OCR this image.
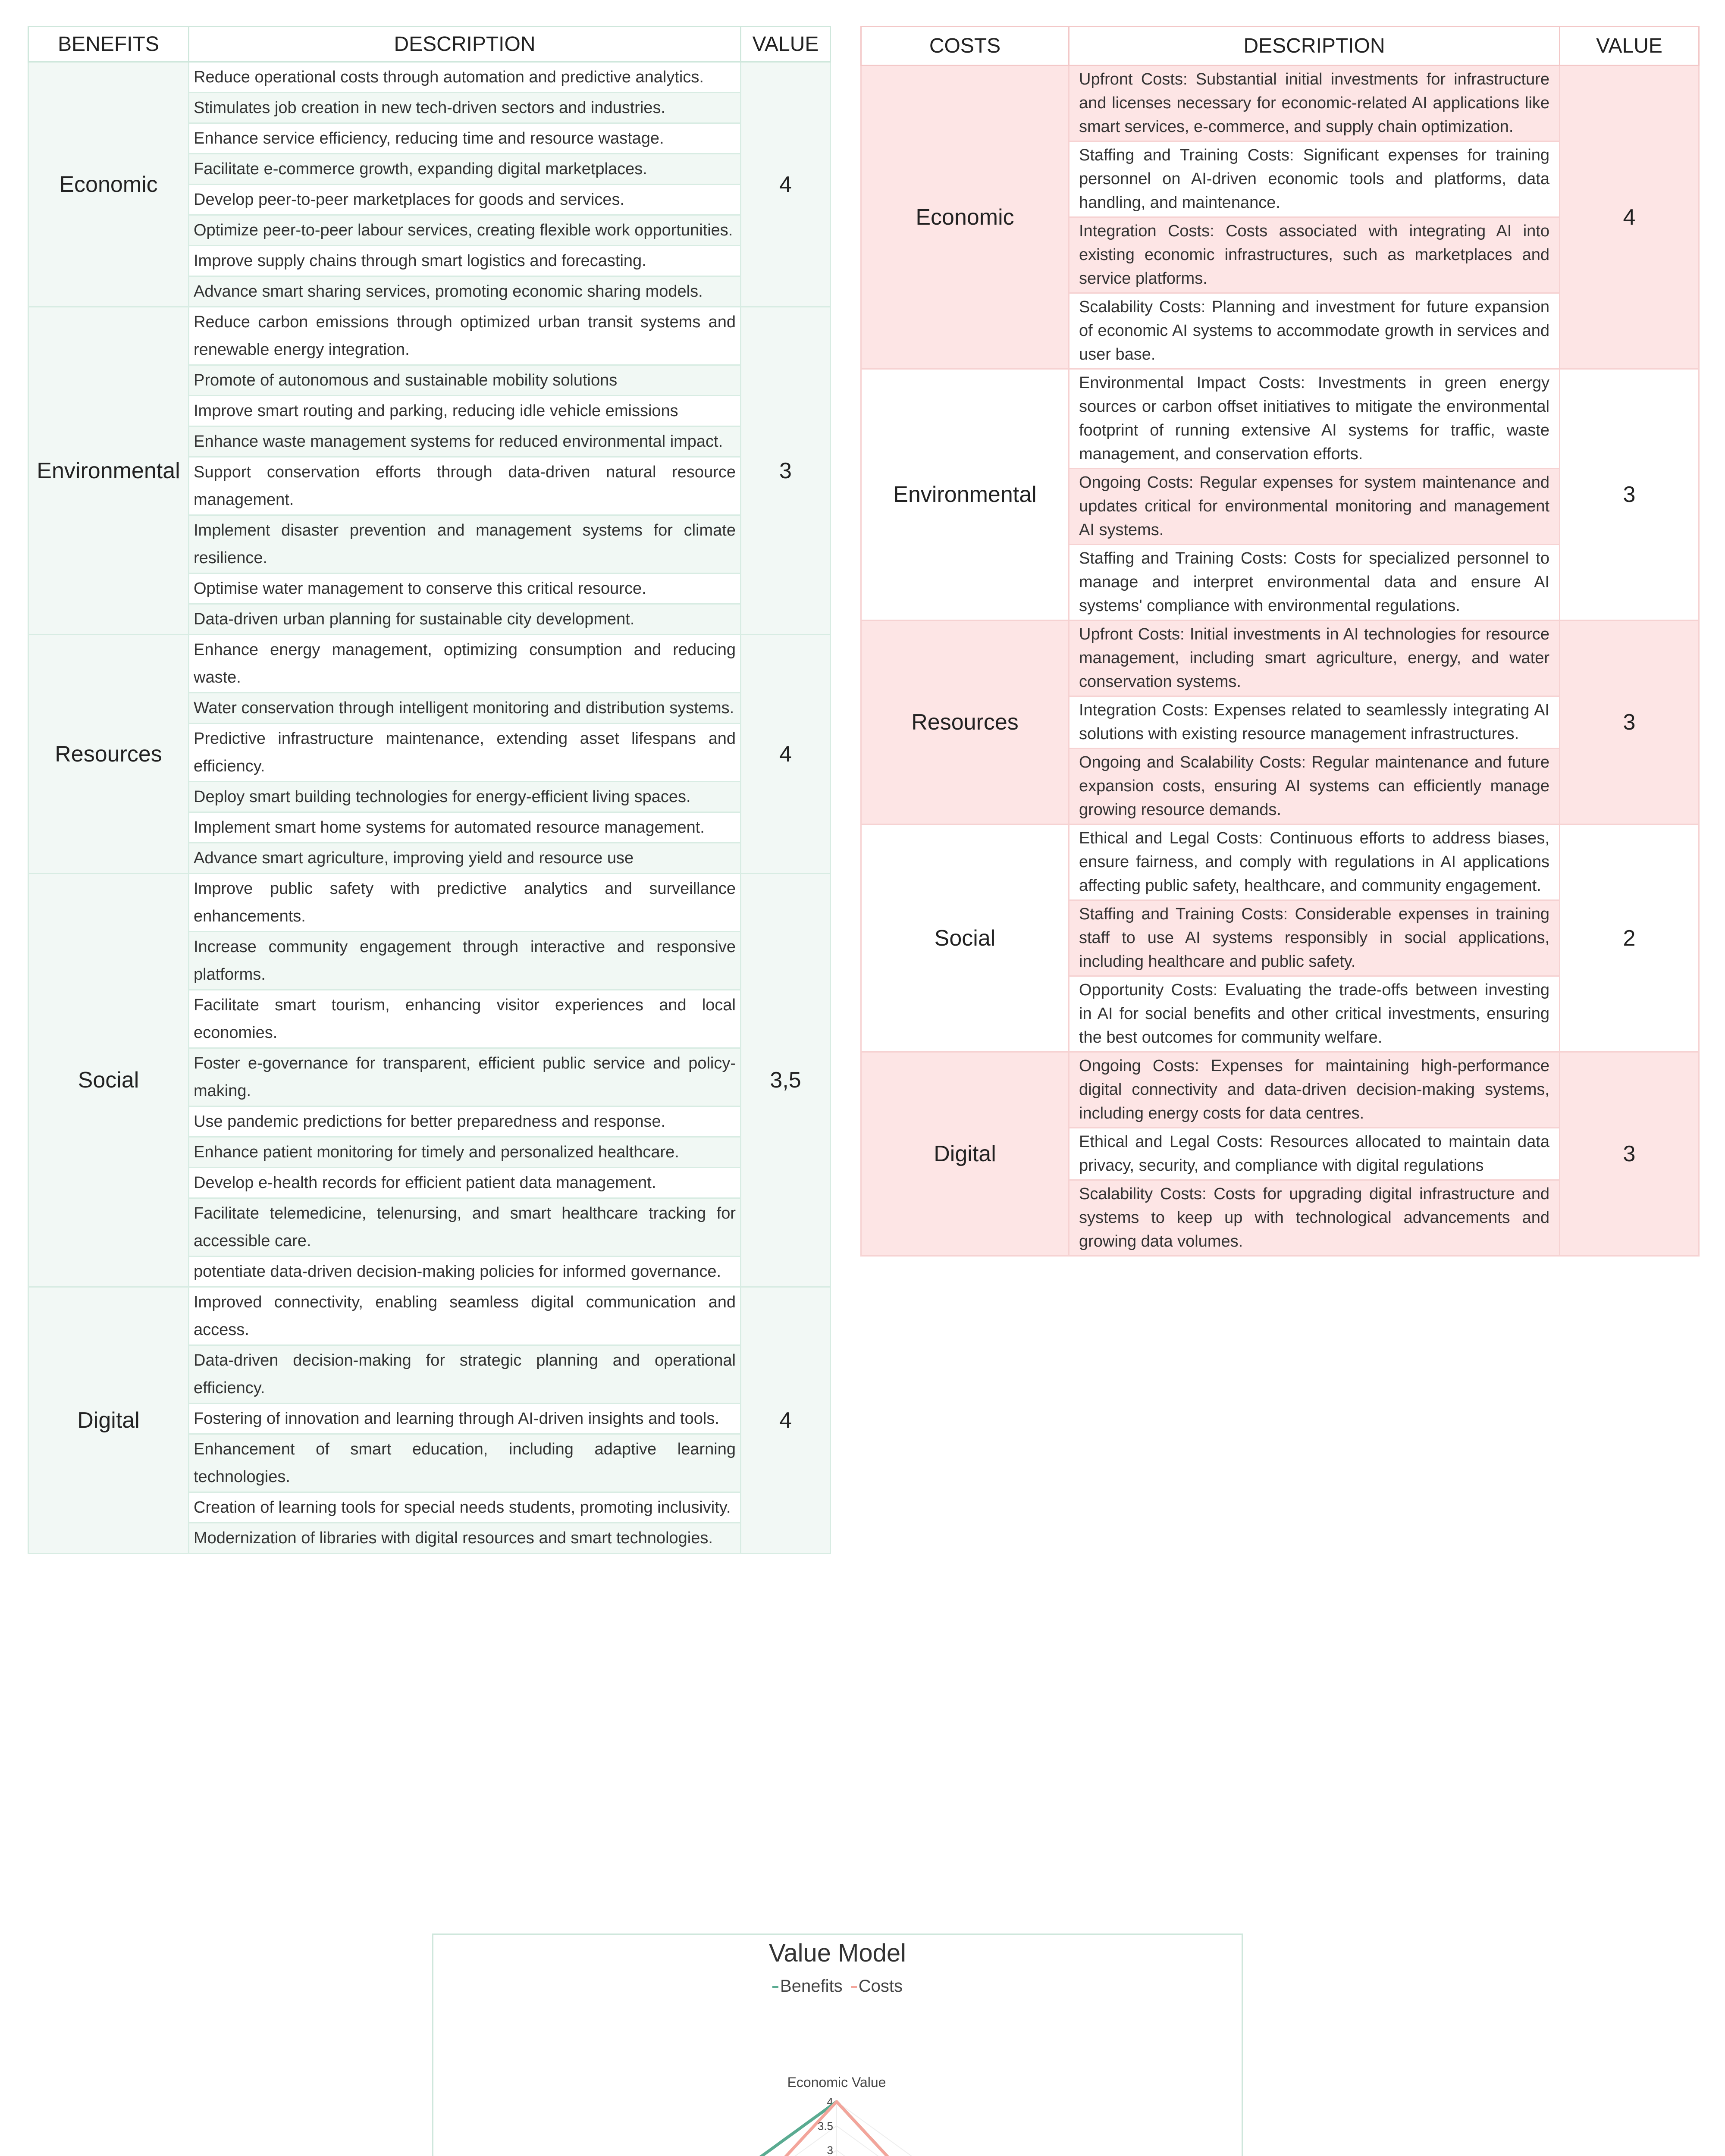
BENEFITS	DESCRIPTION	VALUE
Economic	Reduce operational costs through automation and predictive analytics.	4
	Stimulates job creation in new tech-driven sectors and industries.	
	Enhance service efficiency, reducing time and resource wastage.	
	Facilitate e-commerce growth, expanding digital marketplaces.	
	Develop peer-to-peer marketplaces for goods and services.	
	Optimize peer-to-peer labour services, creating flexible work opportunities.	
	Improve supply chains through smart logistics and forecasting.	
	Advance smart sharing services, promoting economic sharing models.	
Environmental	Reduce carbon emissions through optimized urban transit systems and renewable energy integration.	3
	Promote of autonomous and sustainable mobility solutions	
	Improve smart routing and parking, reducing idle vehicle emissions	
	Enhance waste management systems for reduced environmental impact.	
	Support conservation efforts through data-driven natural resource management.	
	Implement disaster prevention and management systems for climate resilience.	
	Optimise water management to conserve this critical resource.	
	Data-driven urban planning for sustainable city development.	
Resources	Enhance energy management, optimizing consumption and reducing waste.	4
	Water conservation through intelligent monitoring and distribution systems.	
	Predictive infrastructure maintenance, extending asset lifespans and efficiency.	
	Deploy smart building technologies for energy-efficient living spaces.	
	Implement smart home systems for automated resource management.	
	Advance smart agriculture, improving yield and resource use	
Social	Improve public safety with predictive analytics and surveillance enhancements.	3,5
	Increase community engagement through interactive and responsive platforms.	
	Facilitate smart tourism, enhancing visitor experiences and local economies.	
	Foster e-governance for transparent, efficient public service and policy-making.	
	Use pandemic predictions for better preparedness and response.	
	Enhance patient monitoring for timely and personalized healthcare.	
	Develop e-health records for efficient patient data management.	
	Facilitate telemedicine, telenursing, and smart healthcare tracking for accessible care.	
	potentiate data-driven decision-making policies for informed governance.	
Digital	Improved connectivity, enabling seamless digital communication and access.	4
	Data-driven decision-making for strategic planning and operational efficiency.	
	Fostering of innovation and learning through AI-driven insights and tools.	
	Enhancement of smart education, including adaptive learning technologies.	
	Creation of learning tools for special needs students, promoting inclusivity.	
	Modernization of libraries with digital resources and smart technologies.	
COSTS	DESCRIPTION	VALUE
Economic	Upfront Costs: Substantial initial investments for infrastructure and licenses necessary for economic-related AI applications like smart services, e-commerce, and supply chain optimization.	4
	Staffing and Training Costs: Significant expenses for training personnel on AI-driven economic tools and platforms, data handling, and maintenance.	
	Integration Costs: Costs associated with integrating AI into existing economic infrastructures, such as marketplaces and service platforms.	
	Scalability Costs: Planning and investment for future expansion of economic AI systems to accommodate growth in services and user base.	
Environmental	Environmental Impact Costs: Investments in green energy sources or carbon offset initiatives to mitigate the environmental footprint of running extensive AI systems for traffic, waste management, and conservation efforts.	3
	Ongoing Costs: Regular expenses for system maintenance and updates critical for environmental monitoring and management AI systems.	
	Staffing and Training Costs: Costs for specialized personnel to manage and interpret environmental data and ensure AI systems' compliance with environmental regulations.	
Resources	Upfront Costs: Initial investments in AI technologies for resource management, including smart agriculture, energy, and water conservation systems.	3
	Integration Costs: Expenses related to seamlessly integrating AI solutions with existing resource management infrastructures.	
	Ongoing and Scalability Costs: Regular maintenance and future expansion costs, ensuring AI systems can efficiently manage growing resource demands.	
Social	Ethical and Legal Costs: Continuous efforts to address biases, ensure fairness, and comply with regulations in AI applications affecting public safety, healthcare, and community engagement.	2
	Staffing and Training Costs: Considerable expenses in training staff to use AI systems responsibly in social applications, including healthcare and public safety.	
	Opportunity Costs: Evaluating the trade-offs between investing in AI for social benefits and other critical investments, ensuring the best outcomes for community welfare.	
Digital	Ongoing Costs: Expenses for maintaining high-performance digital connectivity and data-driven decision-making systems, including energy costs for data centres.	3
	Ethical and Legal Costs: Resources allocated to maintain data privacy, security, and compliance with digital regulations	
	Scalability Costs: Costs for upgrading digital infrastructure and systems to keep up with technological advancements and growing data volumes.	
Value Model
Benefits Costs
3
3.5
4
Economic Value
